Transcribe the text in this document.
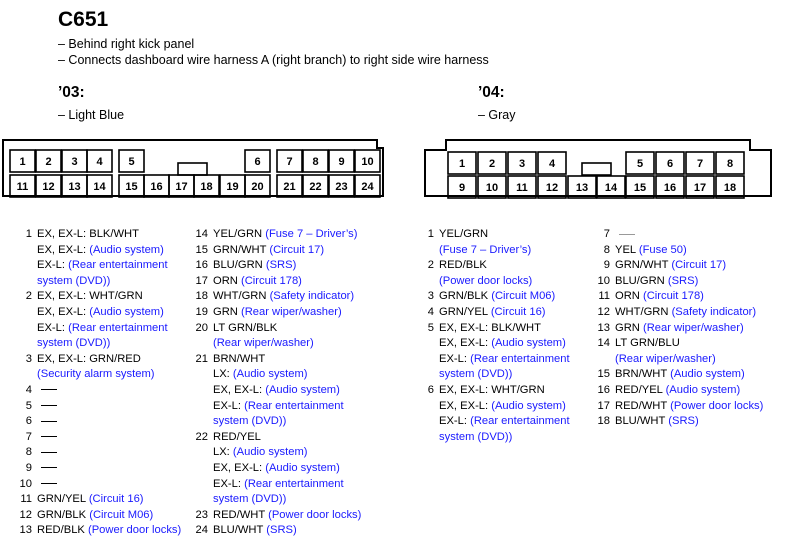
C651
– Behind right kick panel
– Connects dashboard wire harness A (right branch) to right side wire harness
’03:
– Light Blue
’04:
– Gray
1 2 3 4 5	6 7 8 9 10
11 12 13 14 15 16 17 18 19 20 21 22 23 24
1 2 3 4	5 6 7 8
9 10 11 12 13 14 15 16 17 18
1 EX, EX-L: BLK/WHT
EX, EX-L: (Audio system)
EX-L: (Rear entertainment
system (DVD))
2 EX, EX-L: WHT/GRN
EX, EX-L: (Audio system)
EX-L: (Rear entertainment
system (DVD))
3 EX, EX-L: GRN/RED
(Security alarm system)
4
5
6
7
8
9
10
11 GRN/YEL (Circuit 16)
12 GRN/BLK (Circuit M06)
13 RED/BLK (Power door locks)
14 YEL/GRN (Fuse 7 – Driver’s)
15 GRN/WHT (Circuit 17)
16 BLU/GRN (SRS)
17 ORN (Circuit 178)
18 WHT/GRN (Safety indicator)
19 GRN (Rear wiper/washer)
20 LT GRN/BLK
(Rear wiper/washer)
21 BRN/WHT
LX: (Audio system)
EX, EX-L: (Audio system)
EX-L: (Rear entertainment
system (DVD))
22 RED/YEL
LX: (Audio system)
EX, EX-L: (Audio system)
EX-L: (Rear entertainment
system (DVD))
23 RED/WHT (Power door locks)
24 BLU/WHT (SRS)
1 YEL/GRN
(Fuse 7 – Driver’s)
2 RED/BLK
(Power door locks)
3 GRN/BLK (Circuit M06)
4 GRN/YEL (Circuit 16)
5 EX, EX-L: BLK/WHT
EX, EX-L: (Audio system)
EX-L: (Rear entertainment
system (DVD))
6 EX, EX-L: WHT/GRN
EX, EX-L: (Audio system)
EX-L: (Rear entertainment
system (DVD))
7
8 YEL (Fuse 50)
9 GRN/WHT (Circuit 17)
10 BLU/GRN (SRS)
11 ORN (Circuit 178)
12 WHT/GRN (Safety indicator)
13 GRN (Rear wiper/washer)
14 LT GRN/BLU
(Rear wiper/washer)
15 BRN/WHT (Audio system)
16 RED/YEL (Audio system)
17 RED/WHT (Power door locks)
18 BLU/WHT (SRS)
